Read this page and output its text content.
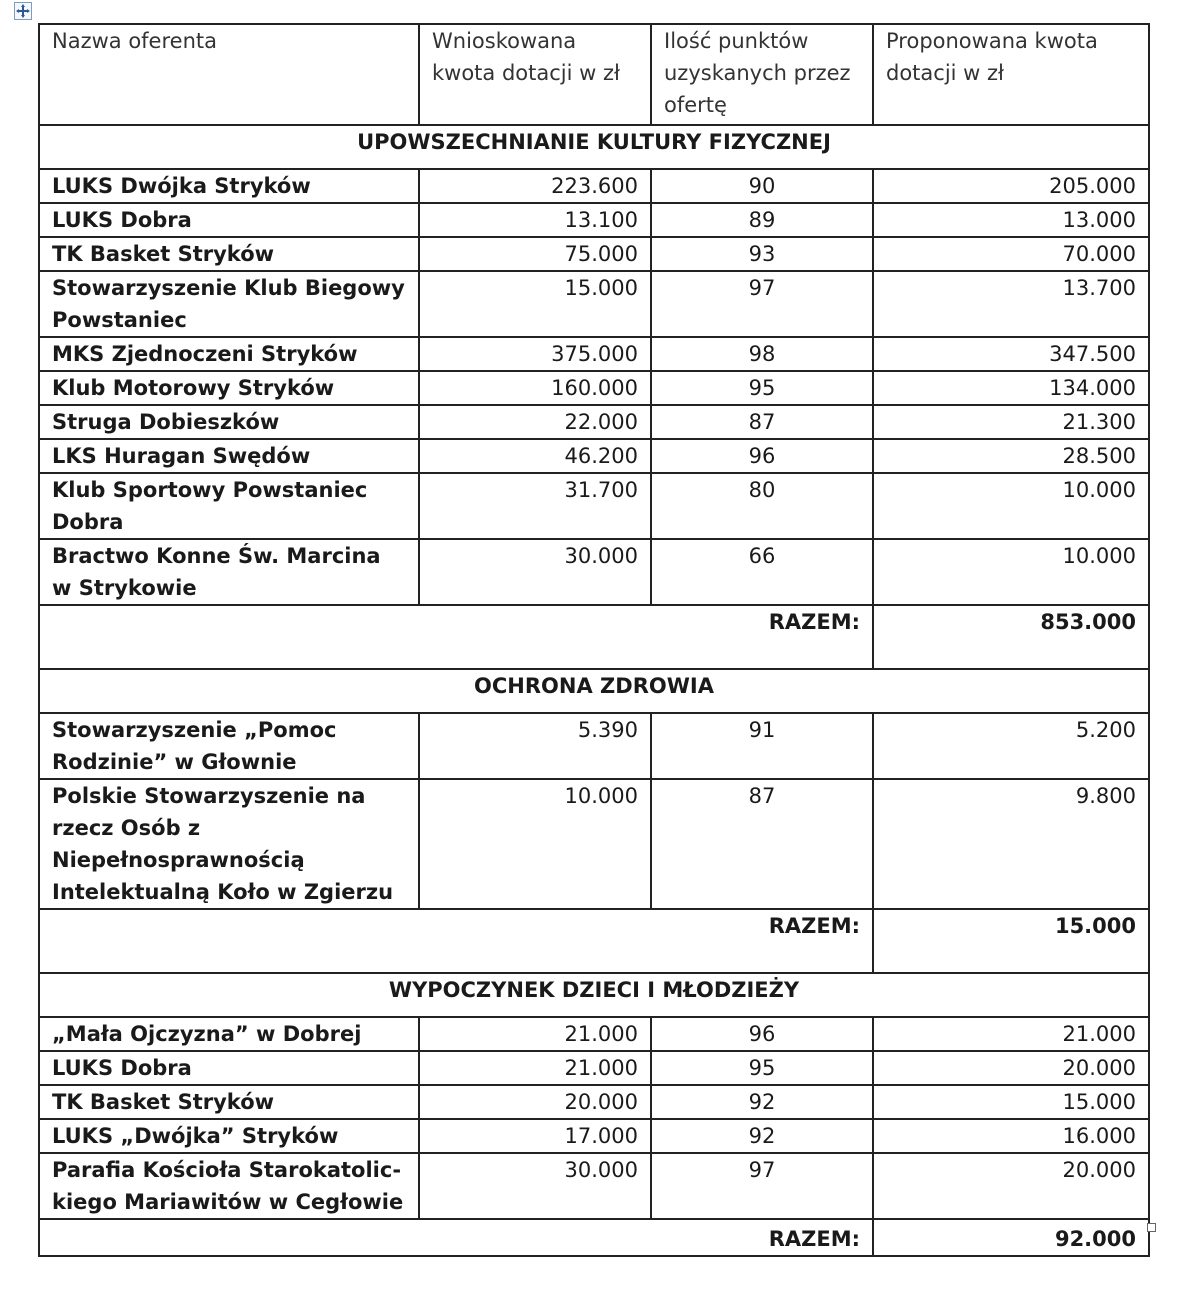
Nazwa oferenta	Wnioskowana kwota dotacji w zł	Ilość punktów uzyskanych przez ofertę	Proponowana kwota dotacji w zł
UPOWSZECHNIANIE KULTURY FIZYCZNEJ			
LUKS Dwójka Stryków	223.600	90	205.000
LUKS Dobra	13.100	89	13.000
TK Basket Stryków	75.000	93	70.000
Stowarzyszenie Klub Biegowy Powstaniec	15.000	97	13.700
MKS Zjednoczeni Stryków	375.000	98	347.500
Klub Motorowy Stryków	160.000	95	134.000
Struga Dobieszków	22.000	87	21.300
LKS Huragan Swędów	46.200	96	28.500
Klub Sportowy Powstaniec Dobra	31.700	80	10.000
Bractwo Konne Św. Marcina w Strykowie	30.000	66	10.000
RAZEM:			853.000
OCHRONA ZDROWIA			
Stowarzyszenie „Pomoc Rodzinie” w Głownie	5.390	91	5.200
Polskie Stowarzyszenie na rzecz Osób z Niepełnosprawnością Intelektualną Koło w Zgierzu	10.000	87	9.800
RAZEM:			15.000
WYPOCZYNEK DZIECI I MŁODZIEŻY			
„Mała Ojczyzna” w Dobrej	21.000	96	21.000
LUKS Dobra	21.000	95	20.000
TK Basket Stryków	20.000	92	15.000
LUKS „Dwójka” Stryków	17.000	92	16.000
Parafia Kościoła Starokatolic-kiego Mariawitów w Cegłowie	30.000	97	20.000
RAZEM:			92.000
